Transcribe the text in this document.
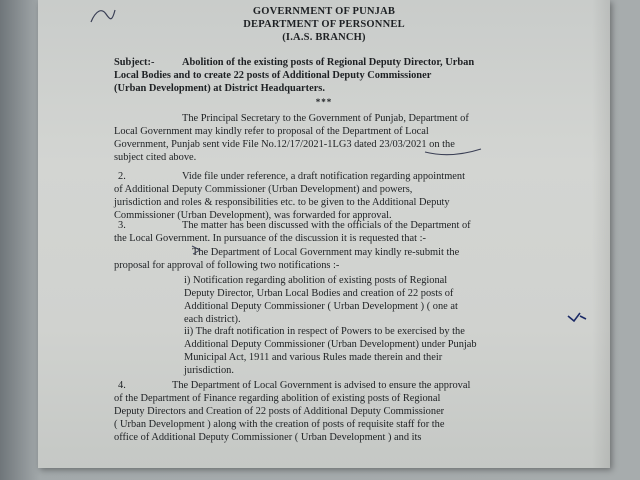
GOVERNMENT OF PUNJAB
DEPARTMENT OF PERSONNEL
(I.A.S. BRANCH)
Subject:-	Abolition of the existing posts of Regional Deputy Director, Urban
Local Bodies and to create 22 posts of Additional Deputy Commissioner
(Urban Development) at District Headquarters.
***
The Principal Secretary to the Government of Punjab, Department of
Local Government may kindly refer to proposal of the Department of Local
Government, Punjab sent vide File No.12/17/2021-1LG3 dated 23/03/2021 on the
subject cited above.
2.	Vide file under reference, a draft notification regarding appointment
of Additional Deputy Commissioner (Urban Development) and powers,
jurisdiction and roles & responsibilities etc. to be given to the Additional Deputy
Commissioner (Urban Development), was forwarded for approval.
3.	The matter has been discussed with the officials of the Department of
the Local Government. In pursuance of the discussion it is requested that :-
The Department of Local Government may kindly re-submit the
proposal for approval of following two notifications :-
i) Notification regarding abolition of existing posts of Regional
Deputy Director, Urban Local Bodies and creation of 22 posts of
Additional Deputy Commissioner ( Urban Development ) ( one at
each district).
ii) The draft notification in respect of Powers to be exercised by the
Additional Deputy Commissioner (Urban Development) under Punjab
Municipal Act, 1911 and various Rules made therein and their
jurisdiction.
4.	The Department of Local Government is advised to ensure the approval
of the Department of Finance regarding abolition of existing posts of Regional
Deputy Directors and Creation of 22 posts of Additional Deputy Commissioner
( Urban Development ) along with the creation of posts of requisite staff for the
office of Additional Deputy Commissioner ( Urban Development ) and its
